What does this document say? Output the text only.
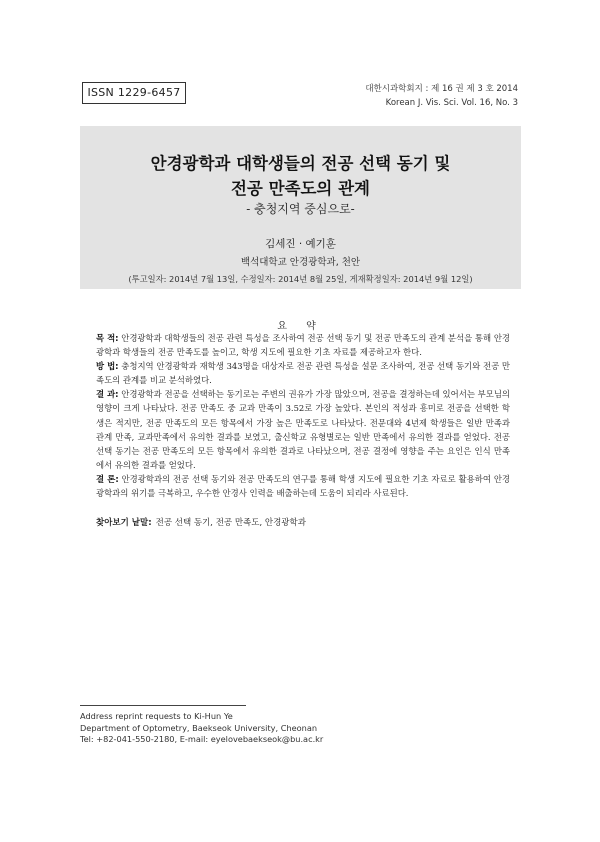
ISSN 1229-6457	대한시과학회지 : 제 16 권 제 3 호 2014
Korean J. Vis. Sci. Vol. 16, No. 3
안경광학과 대학생들의 전공 선택 동기 및
전공 만족도의 관계
- 충청지역 중심으로-
김세진 · 예기훈
백석대학교 안경광학과, 천안
(투고일자: 2014년 7월 13일, 수정일자: 2014년 8월 25일, 게재확정일자: 2014년 9월 12일)
요 약

목 적: 안경광학과 대학생들의 전공 관련 특성을 조사하여 전공 선택 동기 및 전공 만족도의 관계 분석을 통해 안경광학과 학생들의 전공 만족도를 높이고, 학생 지도에 필요한 기초 자료를 제공하고자 한다.

방 법: 충청지역 안경광학과 재학생 343명을 대상자로 전공 관련 특성을 설문 조사하여, 전공 선택 동기와 전공 만족도의 관계를 비교 분석하였다.

결 과: 안경광학과 전공을 선택하는 동기로는 주변의 권유가 가장 많았으며, 전공을 결정하는데 있어서는 부모님의 영향이 크게 나타났다. 전공 만족도 중 교과 만족이 3.52로 가장 높았다. 본인의 적성과 흥미로 전공을 선택한 학생은 적지만, 전공 만족도의 모든 항목에서 가장 높은 만족도로 나타났다. 전문대와 4년제 학생들은 일반 만족과 관계 만족, 교과만족에서 유의한 결과를 보였고, 출신학교 유형별로는 일반 만족에서 유의한 결과를 얻었다. 전공 선택 동기는 전공 만족도의 모든 항목에서 유의한 결과로 나타났으며, 전공 결정에 영향을 주는 요인은 인식 만족에서 유의한 결과를 얻었다.

결 론: 안경광학과의 전공 선택 동기와 전공 만족도의 연구를 통해 학생 지도에 필요한 기초 자료로 활용하여 안경광학과의 위기를 극복하고, 우수한 안경사 인력을 배출하는데 도움이 되리라 사료된다.

찾아보기 낱말: 전공 선택 동기, 전공 만족도, 안경광학과
Address reprint requests to Ki-Hun Ye
Department of Optometry, Baekseok University, Cheonan
Tel: +82-041-550-2180, E-mail: eyelovebaekseok@bu.ac.kr
